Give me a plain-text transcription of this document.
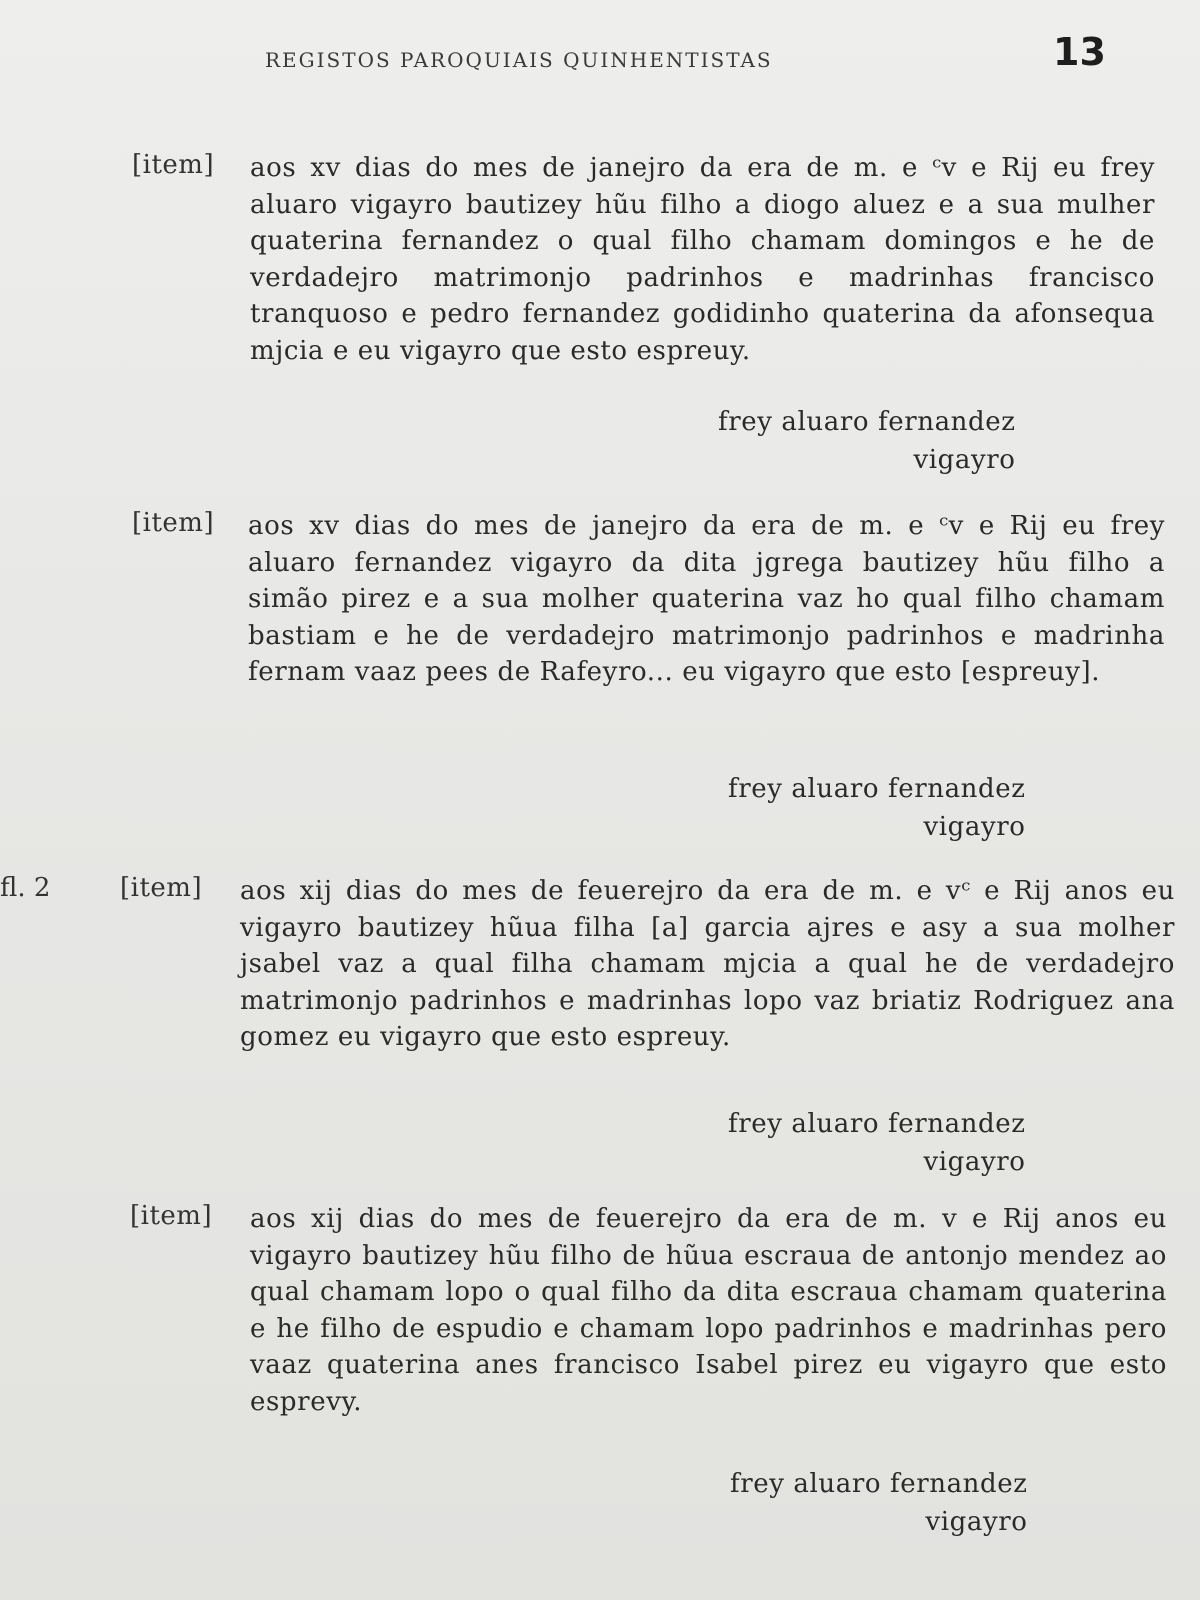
REGISTOS PAROQUIAIS QUINHENTISTAS	13
[item] aos xv dias do mes de janejro da era de m. e ᶜv e Rij eu frey aluaro vigayro bautizey hũu filho a diogo aluez e a sua mulher quaterina fernandez o qual filho chamam domingos e he de verdadejro matrimonjo padrinhos e madrinhas francisco tranquoso e pedro fernandez godidinho quaterina da afonsequa mjcia e eu vigayro que esto espreuy.
frey aluaro fernandez
vigayro
[item] aos xv dias do mes de janejro da era de m. e ᶜv e Rij eu frey aluaro fernandez vigayro da dita jgrega bautizey hũu filho a simão pirez e a sua molher quaterina vaz ho qual filho chamam bastiam e he de verdadejro matrimonjo padrinhos e madrinha fernam vaaz pees de Rafeyro... eu vigayro que esto [espreuy].
frey aluaro fernandez
vigayro
fl. 2	[item] aos xij dias do mes de feuerejro da era de m. e vᶜ e Rij anos eu vigayro bautizey hũua filha [a] garcia ajres e asy a sua molher jsabel vaz a qual filha chamam mjcia a qual he de verdadejro matrimonjo padrinhos e madrinhas lopo vaz briatiz Rodriguez ana gomez eu vigayro que esto espreuy.
frey aluaro fernandez
vigayro
[item] aos xij dias do mes de feuerejro da era de m. v e Rij anos eu vigayro bautizey hũu filho de hũua escraua de antonjo mendez ao qual chamam lopo o qual filho da dita escraua chamam quaterina e he filho de espudio e chamam lopo padrinhos e madrinhas pero vaaz quaterina anes francisco Isabel pirez eu vigayro que esto esprevy.
frey aluaro fernandez
vigayro
